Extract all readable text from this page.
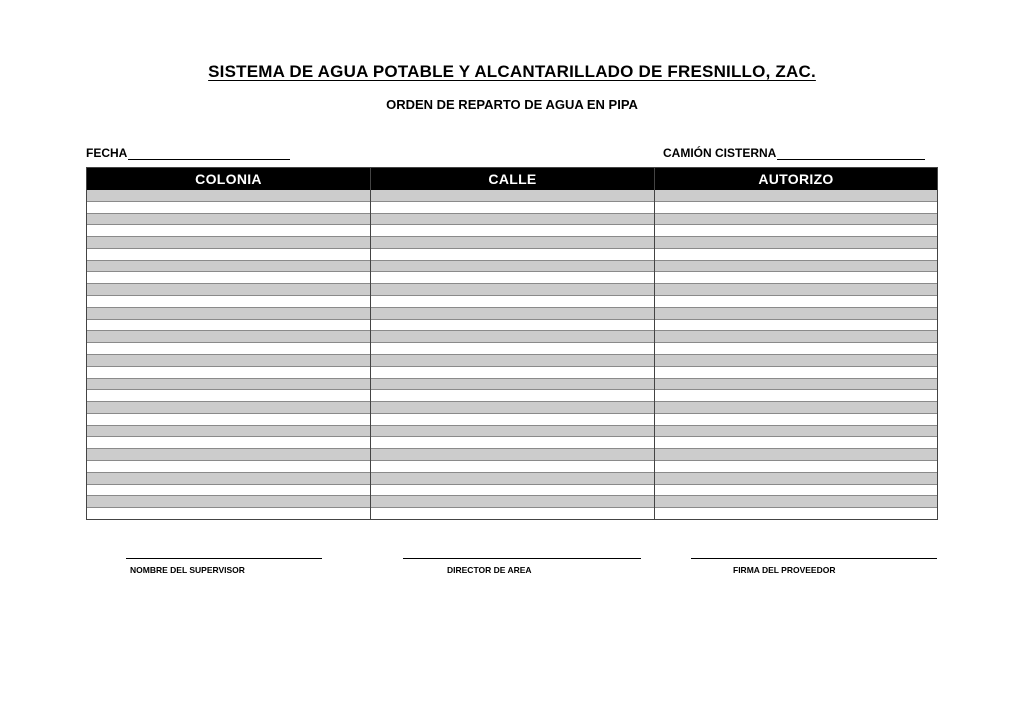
SISTEMA DE AGUA POTABLE Y ALCANTARILLADO DE FRESNILLO, ZAC.
ORDEN DE REPARTO DE AGUA EN PIPA
FECHA	CAMIÓN CISTERNA
COLONIA	CALLE	AUTORIZO
NOMBRE DEL SUPERVISOR	DIRECTOR DE AREA	FIRMA DEL PROVEEDOR
